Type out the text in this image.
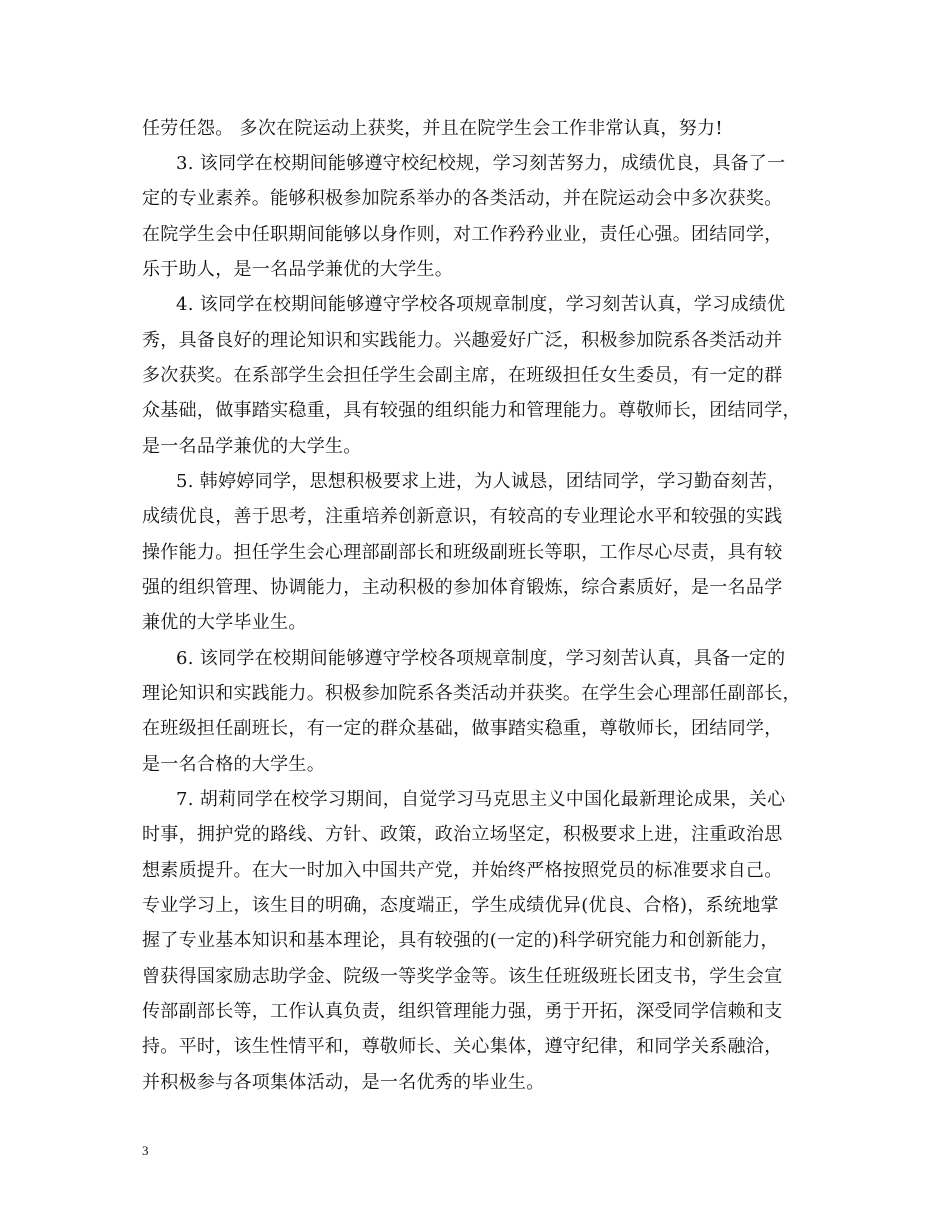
任劳任怨。 多次在院运动上获奖，并且在院学生会工作非常认真，努力!
3. 该同学在校期间能够遵守校纪校规，学习刻苦努力，成绩优良，具备了一
定的专业素养。能够积极参加院系举办的各类活动，并在院运动会中多次获奖。
在院学生会中任职期间能够以身作则，对工作矜矜业业，责任心强。团结同学，
乐于助人，是一名品学兼优的大学生。
4. 该同学在校期间能够遵守学校各项规章制度，学习刻苦认真，学习成绩优
秀，具备良好的理论知识和实践能力。兴趣爱好广泛，积极参加院系各类活动并
多次获奖。在系部学生会担任学生会副主席，在班级担任女生委员，有一定的群
众基础，做事踏实稳重，具有较强的组织能力和管理能力。尊敬师长，团结同学，
是一名品学兼优的大学生。
5. 韩婷婷同学，思想积极要求上进，为人诚恳，团结同学，学习勤奋刻苦，
成绩优良，善于思考，注重培养创新意识，有较高的专业理论水平和较强的实践
操作能力。担任学生会心理部副部长和班级副班长等职，工作尽心尽责，具有较
强的组织管理、协调能力，主动积极的参加体育锻炼，综合素质好，是一名品学
兼优的大学毕业生。
6. 该同学在校期间能够遵守学校各项规章制度，学习刻苦认真，具备一定的
理论知识和实践能力。积极参加院系各类活动并获奖。在学生会心理部任副部长，
在班级担任副班长，有一定的群众基础，做事踏实稳重，尊敬师长，团结同学，
是一名合格的大学生。
7. 胡莉同学在校学习期间，自觉学习马克思主义中国化最新理论成果，关心
时事，拥护党的路线、方针、政策，政治立场坚定，积极要求上进，注重政治思
想素质提升。在大一时加入中国共产党，并始终严格按照党员的标准要求自己。
专业学习上，该生目的明确，态度端正，学生成绩优异(优良、合格)，系统地掌
握了专业基本知识和基本理论，具有较强的(一定的)科学研究能力和创新能力，
曾获得国家励志助学金、院级一等奖学金等。该生任班级班长团支书，学生会宣
传部副部长等，工作认真负责，组织管理能力强，勇于开拓，深受同学信赖和支
持。平时，该生性情平和，尊敬师长、关心集体，遵守纪律，和同学关系融洽，
并积极参与各项集体活动，是一名优秀的毕业生。
3
